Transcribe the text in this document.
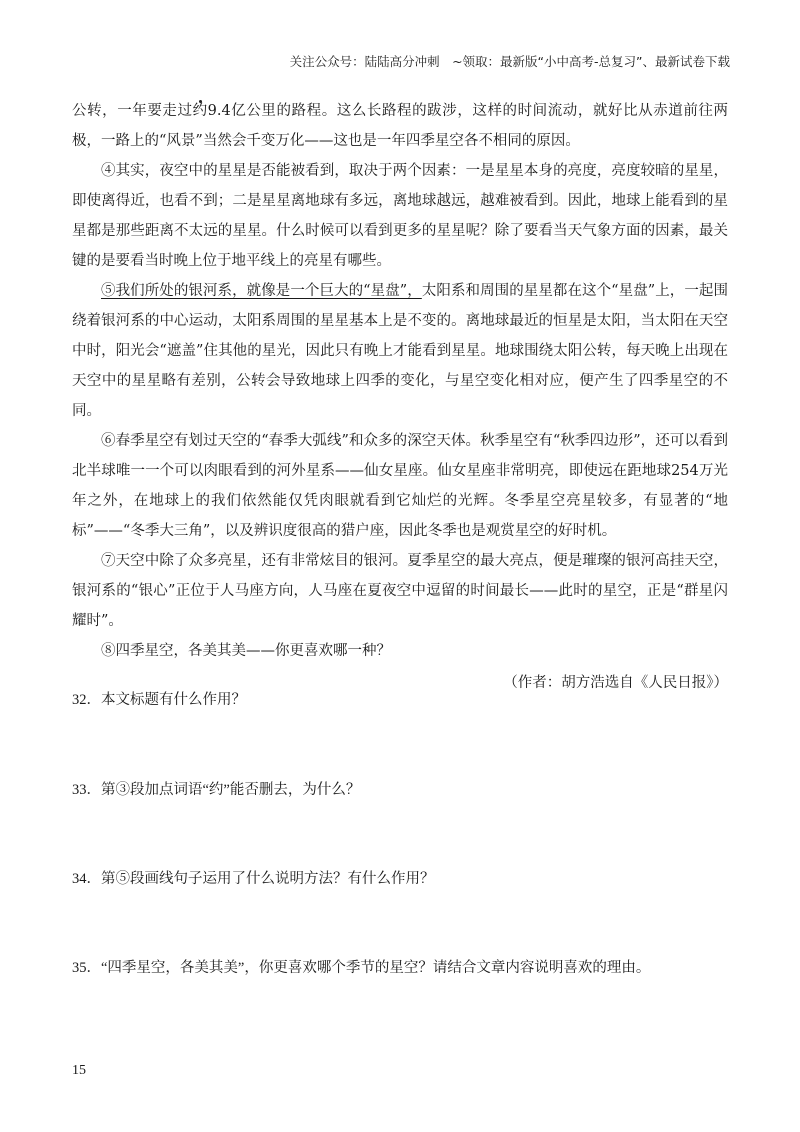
关注公众号：陆陆高分冲刺　~领取：最新版“小中高考-总复习”、最新试卷下载

公转，一年要走过约9.4亿公里的路程。这么长路程的跋涉，这样的时间流动，就好比从赤道前往两极，一路上的“风景”当然会千变万化——这也是一年四季星空各不相同的原因。

④其实，夜空中的星星是否能被看到，取决于两个因素：一是星星本身的亮度，亮度较暗的星星，即使离得近，也看不到；二是星星离地球有多远，离地球越远，越难被看到。因此，地球上能看到的星星都是那些距离不太远的星星。什么时候可以看到更多的星星呢？除了要看当天气象方面的因素，最关键的是要看当时晚上位于地平线上的亮星有哪些。

⑤我们所处的银河系，就像是一个巨大的“星盘”，太阳系和周围的星星都在这个“星盘”上，一起围绕着银河系的中心运动，太阳系周围的星星基本上是不变的。离地球最近的恒星是太阳，当太阳在天空中时，阳光会“遮盖”住其他的星光，因此只有晚上才能看到星星。地球围绕太阳公转，每天晚上出现在天空中的星星略有差别，公转会导致地球上四季的变化，与星空变化相对应，便产生了四季星空的不同。

⑥春季星空有划过天空的“春季大弧线”和众多的深空天体。秋季星空有“秋季四边形”，还可以看到北半球唯一一个可以肉眼看到的河外星系——仙女星座。仙女星座非常明亮，即使远在距地球254万光年之外，在地球上的我们依然能仅凭肉眼就看到它灿烂的光辉。冬季星空亮星较多，有显著的“地标”——“冬季大三角”，以及辨识度很高的猎户座，因此冬季也是观赏星空的好时机。

⑦天空中除了众多亮星，还有非常炫目的银河。夏季星空的最大亮点，便是璀璨的银河高挂天空，银河系的“银心”正位于人马座方向，人马座在夏夜空中逗留的时间最长——此时的星空，正是“群星闪耀时”。

⑧四季星空，各美其美——你更喜欢哪一种？

（作者：胡方浩选自《人民日报》）

32．本文标题有什么作用？

33．第③段加点词语“约”能否删去，为什么？

34．第⑤段画线句子运用了什么说明方法？有什么作用？

35．“四季星空，各美其美”，你更喜欢哪个季节的星空？请结合文章内容说明喜欢的理由。

15
